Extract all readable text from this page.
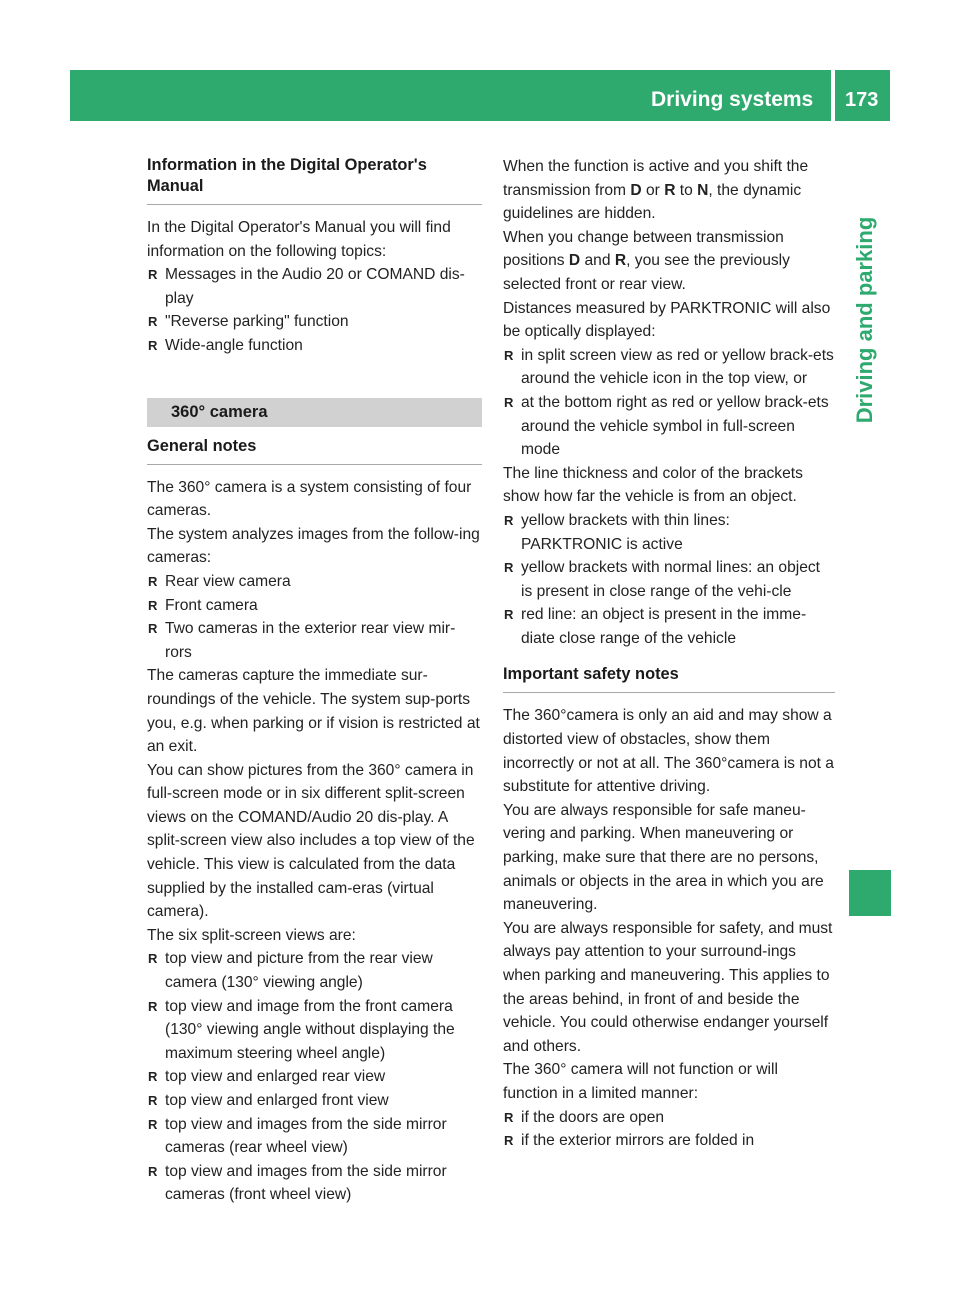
Driving systems 173
Driving and parking
Information in the Digital Operator's Manual

In the Digital Operator's Manual you will find information on the following topics:

R Messages in the Audio 20 or COMAND dis-play
R "Reverse parking" function
R Wide-angle function
360° camera
General notes

The 360° camera is a system consisting of four cameras.

The system analyzes images from the follow-ing cameras:

R Rear view camera
R Front camera
R Two cameras in the exterior rear view mir-rors

The cameras capture the immediate sur-roundings of the vehicle. The system sup-ports you, e.g. when parking or if vision is restricted at an exit.

You can show pictures from the 360° camera in full-screen mode or in six different split-screen views on the COMAND/Audio 20 dis-play. A split-screen view also includes a top view of the vehicle. This view is calculated from the data supplied by the installed cam-eras (virtual camera).

The six split-screen views are:

R top view and picture from the rear view camera (130° viewing angle)
R top view and image from the front camera (130° viewing angle without displaying the maximum steering wheel angle)
R top view and enlarged rear view
R top view and enlarged front view
R top view and images from the side mirror cameras (rear wheel view)
R top view and images from the side mirror cameras (front wheel view)

When the function is active and you shift the transmission from D or R to N, the dynamic guidelines are hidden.

When you change between transmission positions D and R, you see the previously selected front or rear view.

Distances measured by PARKTRONIC will also be optically displayed:

R in split screen view as red or yellow brack-ets around the vehicle icon in the top view, or
R at the bottom right as red or yellow brack-ets around the vehicle symbol in full-screen mode

The line thickness and color of the brackets show how far the vehicle is from an object.

R yellow brackets with thin lines: PARKTRONIC is active
R yellow brackets with normal lines: an object is present in close range of the vehi-cle
R red line: an object is present in the imme-diate close range of the vehicle
Important safety notes

The 360°camera is only an aid and may show a distorted view of obstacles, show them incorrectly or not at all. The 360°camera is not a substitute for attentive driving.

You are always responsible for safe maneu-vering and parking. When maneuvering or parking, make sure that there are no persons, animals or objects in the area in which you are maneuvering.

You are always responsible for safety, and must always pay attention to your surround-ings when parking and maneuvering. This applies to the areas behind, in front of and beside the vehicle. You could otherwise endanger yourself and others.

The 360° camera will not function or will function in a limited manner:

R if the doors are open
R if the exterior mirrors are folded in
